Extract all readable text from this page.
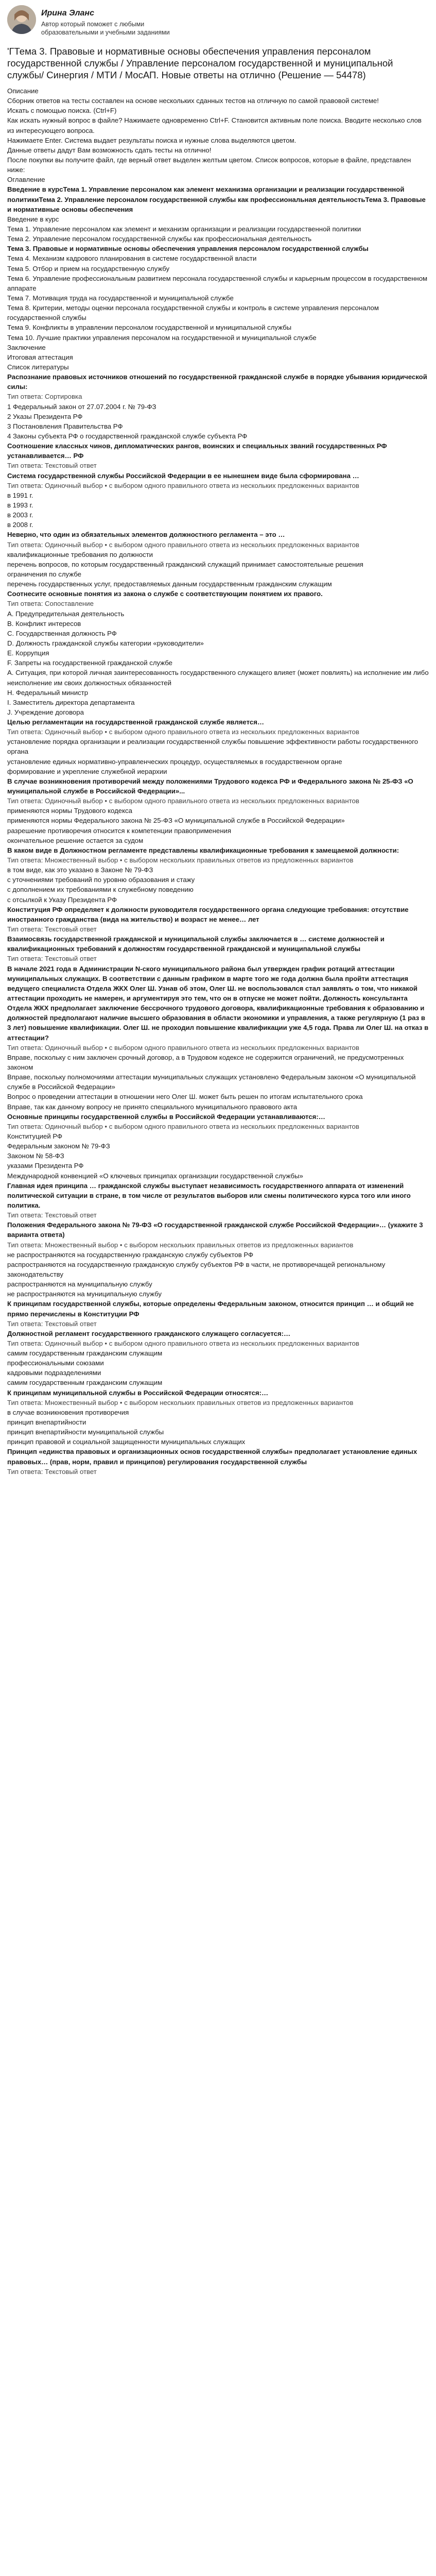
Ирина Эланс
Автор который поможет с любыми образовательными и учебными заданиями
'ГТема 3. Правовые и нормативные основы обеспечения управления персоналом государственной службы / Управление персоналом государственной и муниципальной службы/ Синергия / МТИ / МосАП. Новые ответы на отлично (Решение — 54478)
Описание
Сборник ответов на тесты составлен на основе нескольких сданных тестов на отличную по самой правовой системе!
Искать с помощью поиска. (Ctrl+F)
Как искать нужный вопрос в файле? Нажимаете одновременно Ctrl+F. Становится активным поле поиска. Вводите несколько слов из интересующего вопроса.
Нажимаете Enter. Система выдает результаты поиска и нужные слова выделяются цветом.
Данные ответы дадут Вам возможность сдать тесты на отлично!
После покупки вы получите файл, где верный ответ выделен желтым цветом. Список вопросов, которые в файле, представлен ниже:
Оглавление
Введение в курсТема 1. Управление персоналом как элемент механизма организации и реализации государственной политикиТема 2. Управление персоналом государственной службы как профессиональная деятельностьТема 3. Правовые и нормативные основы обеспечения
Введение в курс
Тема 1. Управление персоналом как элемент и механизм организации и реализации государственной политики
Тема 2. Управление персоналом государственной службы как профессиональная деятельность
Тема 3. Правовые и нормативные основы обеспечения управления персоналом государственной службы
Тема 4. Механизм кадрового планирования в системе государственной власти
Тема 5. Отбор и прием на государственную службу
Тема 6. Управление профессиональным развитием персонала государственной службы и карьерным процессом в государственном аппарате
Тема 7. Мотивация труда на государственной и муниципальной службе
Тема 8. Критерии, методы оценки персонала государственной службы и контроль в системе управления персоналом государственной службы
Тема 9. Конфликты в управлении персоналом государственной и муниципальной службы
Тема 10. Лучшие практики управления персоналом на государственной и муниципальной службе
Заключение
Итоговая аттестация
Список литературы
Распознание правовых источников отношений по государственной гражданской службе в порядке убывания юридической силы:
Тип ответа: Сортировка
1 Федеральный закон от 27.07.2004 г. № 79-ФЗ
2 Указы Президента РФ
3 Постановления Правительства РФ
4 Законы субъекта РФ о государственной гражданской службе субъекта РФ
Соотношение классных чинов, дипломатических рангов, воинских и специальных званий государственных РФ устанавливается… РФ
Тип ответа: Текстовый ответ
Система государственной службы Российской Федерации в ее нынешнем виде была сформирована …
Тип ответа: Одиночный выбор • с выбором одного правильного ответа из нескольких предложенных вариантов
в 1991 г.
в 1993 г.
в 2003 г.
в 2008 г.
Неверно, что один из обязательных элементов должностного регламента – это …
Тип ответа: Одиночный выбор • с выбором одного правильного ответа из нескольких предложенных вариантов
квалификационные требования по должности
перечень вопросов, по которым государственный гражданский служащий принимает самостоятельные решения
ограничения по службе
перечень государственных услуг, предоставляемых данным государственным гражданским служащим
Соотнесите основные понятия из закона о службе с соответствующим понятием их правого.
Тип ответа: Сопоставление
A. Предупредительная деятельность
B. Конфликт интересов
C. Государственная должность РФ
D. Должность гражданской службы категории «руководители»
E. Коррупция
F. Запреты на государственной гражданской службе
A. Ситуация, при которой личная заинтересованность государственного служащего влияет (может повлиять) на исполнение им либо неисполнение им своих должностных обязанностей
H. Федеральный министр
I. Заместитель директора департамента
J. Учреждение договора
Целью регламентации на государственной гражданской службе является…
Тип ответа: Одиночный выбор • с выбором одного правильного ответа из нескольких предложенных вариантов
установление порядка организации и реализации государственной службы повышение эффективности работы государственного органа
установление единых нормативно-управленческих процедур, осуществляемых в государственном органе
формирование и укрепление служебной иерархии
В случае возникновения противоречий между положениями Трудового кодекса РФ и Федерального закона № 25-ФЗ «О муниципальной службе в Российской Федерации»...
Тип ответа: Одиночный выбор • с выбором одного правильного ответа из нескольких предложенных вариантов
применяются нормы Трудового кодекса
применяются нормы Федерального закона № 25-ФЗ «О муниципальной службе в Российской Федерации»
разрешение противоречия относится к компетенции правоприменения
окончательное решение остается за судом
В каком виде в Должностном регламенте представлены квалификационные требования к замещаемой должности:
Тип ответа: Множественный выбор • с выбором нескольких правильных ответов из предложенных вариантов
в том виде, как это указано в Законе № 79-ФЗ
с уточнениями требований по уровню образования и стажу
с дополнением их требованиями к служебному поведению
с отсылкой к Указу Президента РФ
Конституция РФ определяет к должности руководителя государственного органа следующие требования: отсутствие иностранного гражданства (вида на жительство) и возраст не менее… лет
Тип ответа: Текстовый ответ
Взаимосвязь государственной гражданской и муниципальной службы заключается в … системе должностей и квалификационных требований к должностям государственной гражданской и муниципальной службы
Тип ответа: Текстовый ответ
В начале 2021 года в Администрации N-ского муниципального района был утвержден график ротаций аттестации муниципальных служащих. В соответствии с данным графиком в марте того же года должна была пройти аттестация ведущего специалиста Отдела ЖКХ Олег Ш. Узнав об этом, Олег Ш. не воспользовался стал заявлять о том, что никакой аттестации проходить не намерен, и аргументируя это тем, что он в отпуске не может пойти. Должность консультанта Отдела ЖКХ предполагает заключение бессрочного трудового договора, квалификационные требования к образованию и должностей предполагают наличие высшего образования в области экономики и управления, а также регулярную (1 раз в 3 лет) повышение квалификации. Олег Ш. не проходил повышение квалификации уже 4,5 года. Права ли Олег Ш. на отказ в аттестации?
Тип ответа: Одиночный выбор • с выбором одного правильного ответа из нескольких предложенных вариантов
Вправе, поскольку с ним заключен срочный договор, а в Трудовом кодексе не содержится ограничений, не предусмотренных законом
Вправе, поскольку полномочиями аттестации муниципальных служащих установлено Федеральным законом «О муниципальной службе в Российской Федерации»
Вопрос о проведении аттестации в отношении него Олег Ш. может быть решен по итогам испытательного срока
Вправе, так как данному вопросу не принято специального муниципального правового акта
Основные принципы государственной службы в Российской Федерации устанавливаются:…
Тип ответа: Одиночный выбор • с выбором одного правильного ответа из нескольких предложенных вариантов
Конституцией РФ
Федеральным законом № 79-ФЗ
Законом № 58-ФЗ
указами Президента РФ
Международной конвенцией «О ключевых принципах организации государственной службы»
Главная идея принципа … гражданской службы выступает независимость государственного аппарата от изменений политической ситуации в стране, в том числе от результатов выборов или смены политического курса того или иного политика.
Тип ответа: Текстовый ответ
Положения Федерального закона № 79-ФЗ «О государственной гражданской службе Российской Федерации»… (укажите 3 варианта ответа)
Тип ответа: Множественный выбор • с выбором нескольких правильных ответов из предложенных вариантов
не распространяются на государственную гражданскую службу субъектов РФ
распространяются на государственную гражданскую службу субъектов РФ в части, не противоречащей региональному законодательству
распространяются на муниципальную службу
не распространяются на муниципальную службу
К принципам государственной службы, которые определены Федеральным законом, относится принцип … и общий не прямо перечислены в Конституции РФ
Тип ответа: Текстовый ответ
Должностной регламент государственного гражданского служащего согласуется:…
Тип ответа: Одиночный выбор • с выбором одного правильного ответа из нескольких предложенных вариантов
самим государственным гражданским служащим
профессиональными союзами
кадровыми подразделениями
самим государственным гражданским служащим
К принципам муниципальной службы в Российской Федерации относятся:…
Тип ответа: Множественный выбор • с выбором нескольких правильных ответов из предложенных вариантов
в случае возникновения противоречия
принцип внепартийности
принцип внепартийности муниципальной службы
принцип правовой и социальной защищенности муниципальных служащих
Принцип «единства правовых и организационных основ государственной службы» предполагает установление единых правовых… (прав, норм, правил и принципов) регулирования государственной службы
Тип ответа: Текстовый ответ
